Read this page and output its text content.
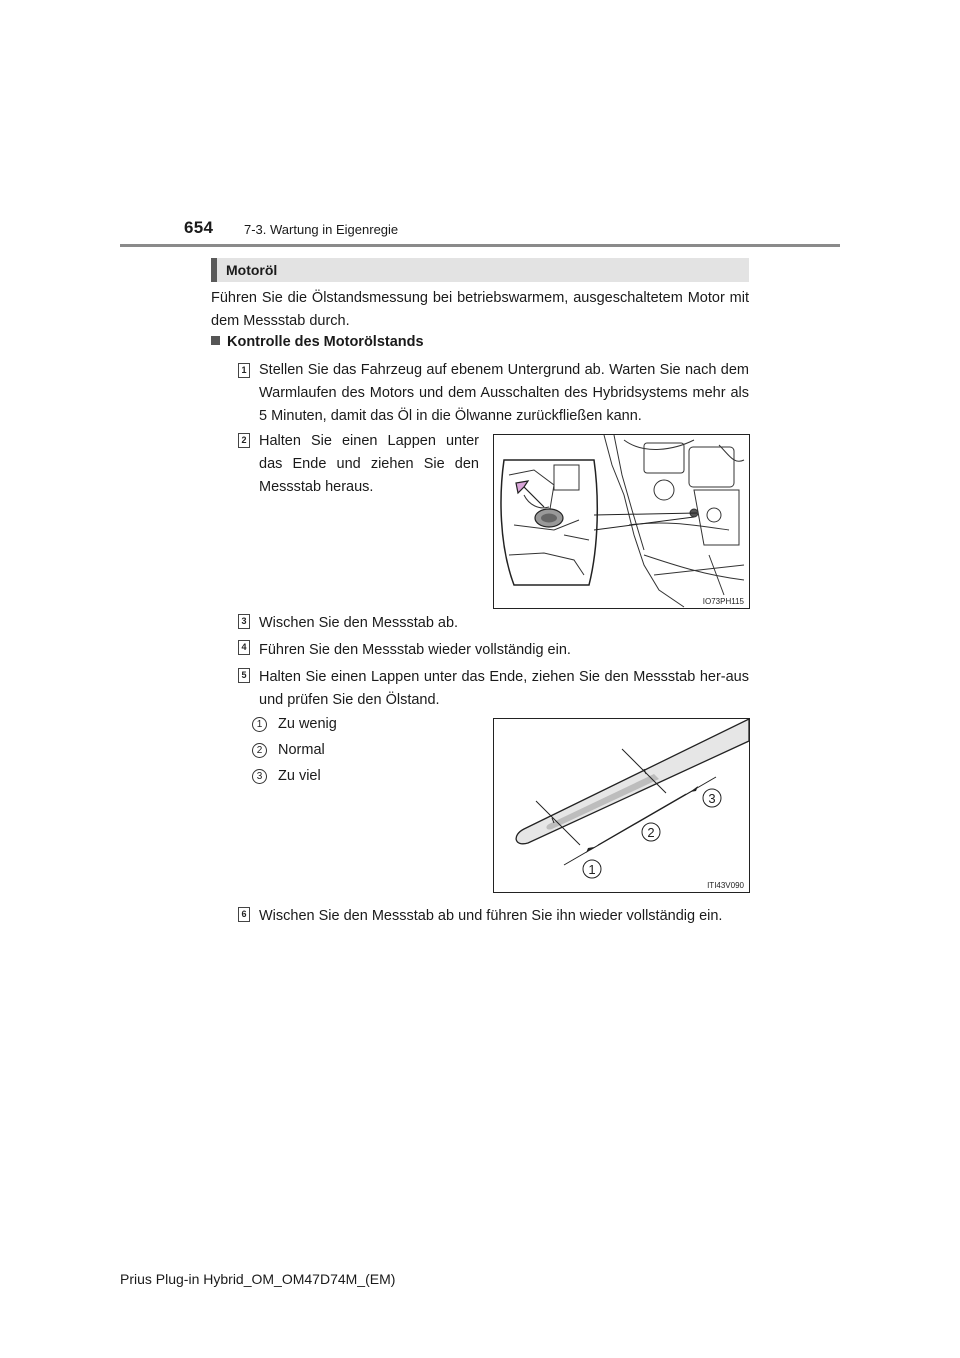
654 7-3. Wartung in Eigenregie
Motoröl
Führen Sie die Ölstandsmessung bei betriebswarmem, ausgeschaltetem Motor mit dem Messstab durch.
Kontrolle des Motorölstands
1 Stellen Sie das Fahrzeug auf ebenem Untergrund ab. Warten Sie nach dem Warmlaufen des Motors und dem Ausschalten des Hybridsystems mehr als 5 Minuten, damit das Öl in die Ölwanne zurückfließen kann.
2 Halten Sie einen Lappen unter das Ende und ziehen Sie den Messstab heraus.
IO73PH115
3 Wischen Sie den Messstab ab.
4 Führen Sie den Messstab wieder vollständig ein.
5 Halten Sie einen Lappen unter das Ende, ziehen Sie den Messstab her-aus und prüfen Sie den Ölstand.
1	Zu wenig
2	Normal
3	Zu viel
1
2
3
ITI43V090
6 Wischen Sie den Messstab ab und führen Sie ihn wieder vollständig ein.
Prius Plug-in Hybrid_OM_OM47D74M_(EM)
